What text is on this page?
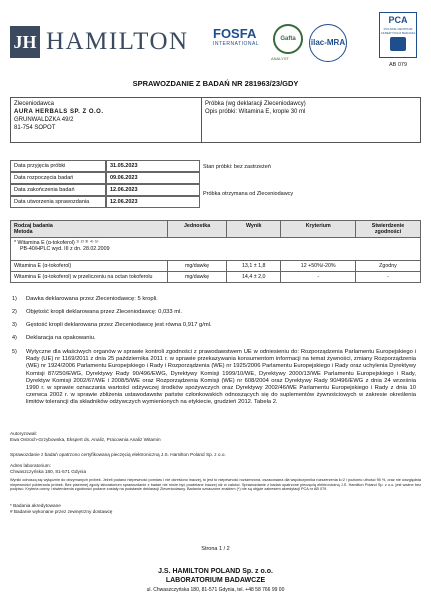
JH HAMILTON FOSFA
INTERNATIONAL
Gafta
ANALYST
ilac-MRA
PCA
POLSKIE CENTRUM AKREDYTACJI BADANIA
AB 079
SPRAWOZDANIE Z BADAŃ NR 281963/23/GDY
Zleceniodawca
AURA HERBALS SP. Z O.O.
GRUNWALDZKA 49/2
81-754 SOPOT
Próbka (wg deklaracji Zleceniodawcy)
Opis próbki: Witamina E, krople 30 ml
Data przyjęcia próbki	31.05.2023
Data rozpoczęcia badań	09.06.2023
Data zakończenia badań	12.06.2023
Data utworzenia sprawozdania	12.06.2023
Stan próbki: bez zastrzeżeń
Próbka otrzymana od Zleceniodawcy
Rodzaj badania
Metoda	Jednostka	Wynik	Kryterium	Stwierdzenie zgodności

* Witamina E (α-tokoferol) ¹⁾ ²⁾ ³⁾ ⁴⁾ ⁵⁾
PB-40/HPLC wyd. III z dn. 28.02.2009				

Witamina E (α-tokoferol)	mg/dawkę	13,1 ± 1,8	12 +50%/-20%	Zgodny
Witamina E (α-tokoferol) w przeliczeniu na octan tokoferolu	mg/dawkę	14,4 ± 2,0	-	-
1) Dawka deklarowana przez Zleceniodawcę: 5 kropli.
2) Objętość kropli deklarowana przez Zleceniodawcę: 0,033 ml.
3) Gęstość kropli deklarowana przez Zleceniodawcę jest równa 0,917 g/ml.
4) Deklaracja na opakowaniu.
5) Wytyczne dla właściwych organów w sprawie kontroli zgodności z prawodawstwem UE w odniesieniu do: Rozporządzenia Parlamentu Europejskiego i Rady (UE) nr 1169/2011 z dnia 25 października 2011 r. w sprawie przekazywania konsumentom informacji na temat żywności, zmiany Rozporządzenia (WE) nr 1924/2006 Parlamentu Europejskiego i Rady i Rozporządzenia (WE) nr 1925/2006 Parlamentu Europejskiego i Rady oraz uchylenia Dyrektywy Komisji 87/250/EWG, Dyrektywy Rady 90/496/EWG, Dyrektywy Komisji 1999/10/WE, Dyrektywy 2000/13/WE Parlamentu Europejskiego i Rady, Dyrektyw Komisji 2002/67/WE i 2008/5/WE oraz Rozporządzenia Komisji (WE) nr 608/2004 oraz Dyrektywy Rady 90/496/EWG z dnia 24 września 1990 r. w sprawie oznaczania wartości odżywczej środków spożywczych oraz Dyrektywy 2002/46/WE Parlamentu Europejskiego i Rady z dnia 10 czerwca 2002 r. w sprawie zbliżenia ustawodawstw państw członkowskich odnoszących się do suplementów żywnościowych w zakresie określenia limitów tolerancji dla składników odżywczych wymienionych na etykiecie, grudzień 2012. Tabela 2.
Autoryzował:
Ewa Ostroch-Grzybowska, Ekspert ds. Analiz, Pracownia Analiz Witamin
Sprawozdanie z badań opatrzono certyfikowaną pieczęcią elektroniczną J.S. Hamilton Poland Sp. z o.o.
Adres laboratorium:
Chwaszczyńska 180, 81-571 Gdynia
Wyniki odnoszą się wyłącznie do otrzymanych próbek. Jeżeli podano niepewność pomiaru i nie określono inaczej, to jest to niepewność rozszerzona, oszacowana dla współczynnika rozszerzenia k=2 i poziomu ufności 95 %, oraz nie uwzględnia niepewności pobierania próbek. Bez pisemnej zgody laboratorium sprawozdanie z badań nie może być powielane inaczej niż w całości. Sprawozdanie z badań opatrzone pieczęcią elektroniczną J.S. Hamilton Poland Sp. z o.o. jest ważne bez podpisu. Kryteria oceny i stwierdzenia zgodności podane zostały na podstawie deklaracji Zleceniodawcy. Badania oznaczone znakiem (*) nie są objęte zakresem akredytacji PCA nr AB 079.
* Badania akredytowane
# Badanie wykonane przez zewnętrzny dostawcę
Strona 1 / 2
J.S. HAMILTON POLAND Sp. z o.o.
LABORATORIUM BADAWCZE
ul. Chwaszczyńska 180, 81-571 Gdynia, tel. +48 58 766 99 00
